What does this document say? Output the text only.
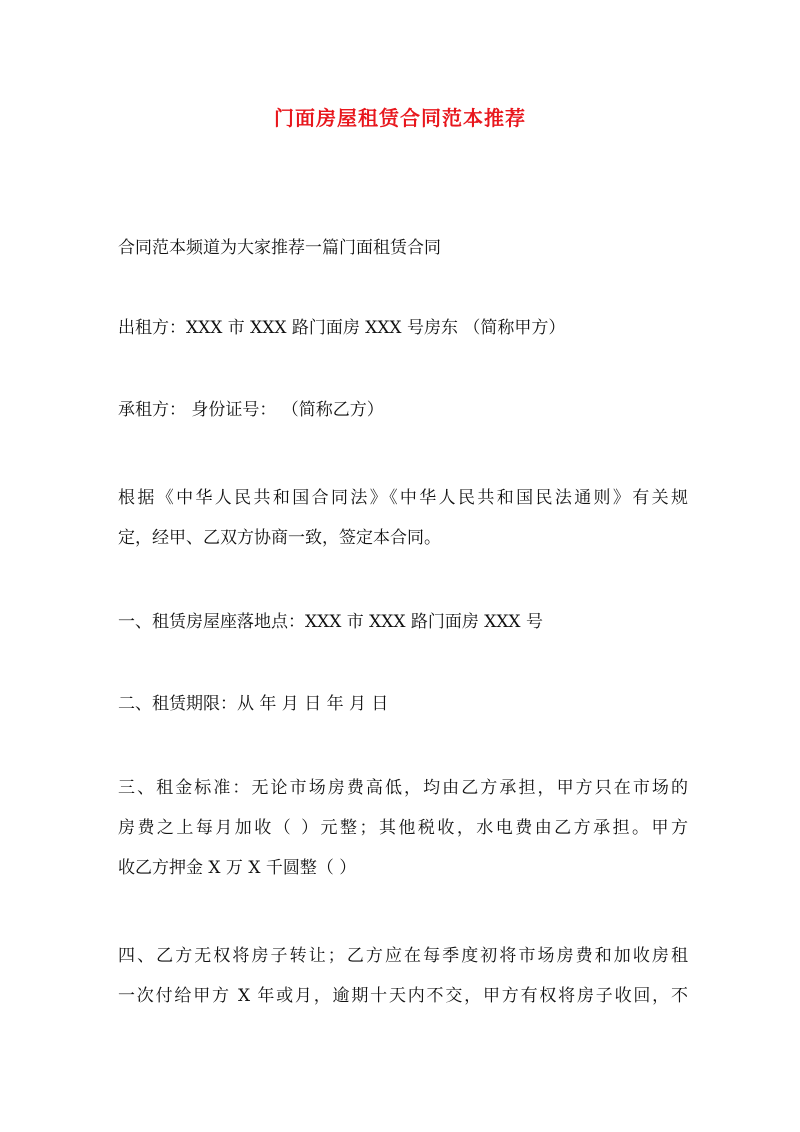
门面房屋租赁合同范本推荐
合同范本频道为大家推荐一篇门面租赁合同
出租方：XXX 市 XXX 路门面房 XXX 号房东 （简称甲方）
承租方： 身份证号： （简称乙方）
根据《中华人民共和国合同法》《中华人民共和国民法通则》有关规
定，经甲、乙双方协商一致，签定本合同。
一、租赁房屋座落地点：XXX 市 XXX 路门面房 XXX 号
二、租赁期限：从 年 月 日 年 月 日
三、租金标准：无论市场房费高低，均由乙方承担，甲方只在市场的
房费之上每月加收（ ）元整；其他税收，水电费由乙方承担。甲方
收乙方押金 X 万 X 千圆整（ ）
四、乙方无权将房子转让；乙方应在每季度初将市场房费和加收房租
一次付给甲方 X 年或月，逾期十天内不交，甲方有权将房子收回，不
